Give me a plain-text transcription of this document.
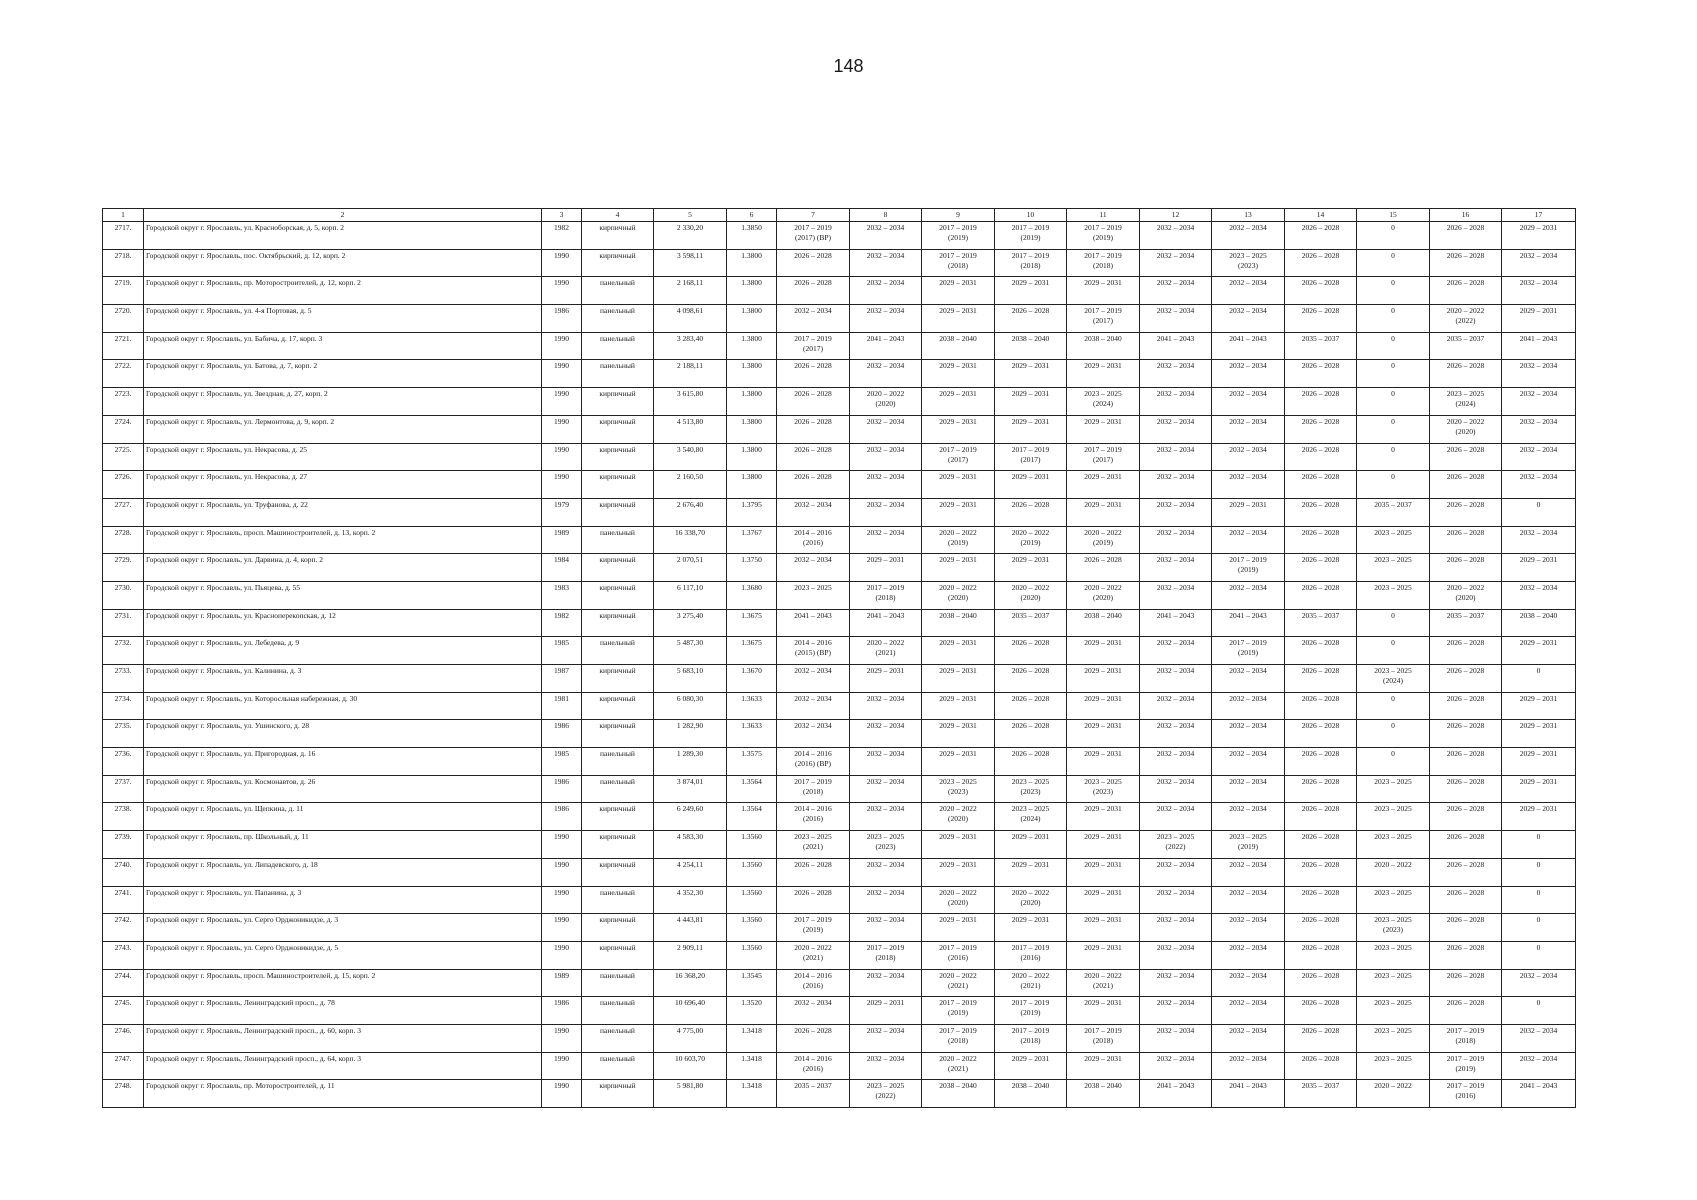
148
1	2	3	4	5	6	7	8	9	10	11	12	13	14	15	16	17
2717.	Городской округ г. Ярославль, ул. Красноборская, д. 5, корп. 2	1982	кирпичный	2 330,20	1.3850	2017 – 2019
(2017) (ВР)	2032 – 2034	2017 – 2019
(2019)	2017 – 2019
(2019)	2017 – 2019
(2019)	2032 – 2034	2032 – 2034	2026 – 2028	0	2026 – 2028	2029 – 2031
2718.	Городской округ г. Ярославль, пос. Октябрьский, д. 12, корп. 2	1990	кирпичный	3 598,11	1.3800	2026 – 2028	2032 – 2034	2017 – 2019
(2018)	2017 – 2019
(2018)	2017 – 2019
(2018)	2032 – 2034	2023 – 2025
(2023)	2026 – 2028	0	2026 – 2028	2032 – 2034
2719.	Городской округ г. Ярославль, пр. Моторостроителей, д. 12, корп. 2	1990	панельный	2 168,11	1.3800	2026 – 2028	2032 – 2034	2029 – 2031	2029 – 2031	2029 – 2031	2032 – 2034	2032 – 2034	2026 – 2028	0	2026 – 2028	2032 – 2034
2720.	Городской округ г. Ярославль, ул. 4-я Портовая, д. 5	1986	панельный	4 098,61	1.3800	2032 – 2034	2032 – 2034	2029 – 2031	2026 – 2028	2017 – 2019
(2017)	2032 – 2034	2032 – 2034	2026 – 2028	0	2020 – 2022
(2022)	2029 – 2031
2721.	Городской округ г. Ярославль, ул. Бабича, д. 17, корп. 3	1990	панельный	3 283,40	1.3800	2017 – 2019
(2017)	2041 – 2043	2038 – 2040	2038 – 2040	2038 – 2040	2041 – 2043	2041 – 2043	2035 – 2037	0	2035 – 2037	2041 – 2043
2722.	Городской округ г. Ярославль, ул. Батова, д. 7, корп. 2	1990	панельный	2 188,11	1.3800	2026 – 2028	2032 – 2034	2029 – 2031	2029 – 2031	2029 – 2031	2032 – 2034	2032 – 2034	2026 – 2028	0	2026 – 2028	2032 – 2034
2723.	Городской округ г. Ярославль, ул. Звездная, д. 27, корп. 2	1990	кирпичный	3 615,80	1.3800	2026 – 2028	2020 – 2022
(2020)	2029 – 2031	2029 – 2031	2023 – 2025
(2024)	2032 – 2034	2032 – 2034	2026 – 2028	0	2023 – 2025
(2024)	2032 – 2034
2724.	Городской округ г. Ярославль, ул. Лермонтова, д. 9, корп. 2	1990	кирпичный	4 513,80	1.3800	2026 – 2028	2032 – 2034	2029 – 2031	2029 – 2031	2029 – 2031	2032 – 2034	2032 – 2034	2026 – 2028	0	2020 – 2022
(2020)	2032 – 2034
2725.	Городской округ г. Ярославль, ул. Некрасова, д. 25	1990	кирпичный	3 540,80	1.3800	2026 – 2028	2032 – 2034	2017 – 2019
(2017)	2017 – 2019
(2017)	2017 – 2019
(2017)	2032 – 2034	2032 – 2034	2026 – 2028	0	2026 – 2028	2032 – 2034
2726.	Городской округ г. Ярославль, ул. Некрасова, д. 27	1990	кирпичный	2 160,50	1.3800	2026 – 2028	2032 – 2034	2029 – 2031	2029 – 2031	2029 – 2031	2032 – 2034	2032 – 2034	2026 – 2028	0	2026 – 2028	2032 – 2034
2727.	Городской округ г. Ярославль, ул. Труфанова, д. 22	1979	кирпичный	2 676,40	1.3795	2032 – 2034	2032 – 2034	2029 – 2031	2026 – 2028	2029 – 2031	2032 – 2034	2029 – 2031	2026 – 2028	2035 – 2037	2026 – 2028	0
2728.	Городской округ г. Ярославль, просп. Машиностроителей, д. 13, корп. 2	1989	панельный	16 338,70	1.3767	2014 – 2016
(2016)	2032 – 2034	2020 – 2022
(2019)	2020 – 2022
(2019)	2020 – 2022
(2019)	2032 – 2034	2032 – 2034	2026 – 2028	2023 – 2025	2026 – 2028	2032 – 2034
2729.	Городской округ г. Ярославль, ул. Дарвина, д. 4, корп. 2	1984	кирпичный	2 070,51	1.3750	2032 – 2034	2029 – 2031	2029 – 2031	2029 – 2031	2026 – 2028	2032 – 2034	2017 – 2019
(2019)	2026 – 2028	2023 – 2025	2026 – 2028	2029 – 2031
2730.	Городской округ г. Ярославль, ул. Пьяцева, д. 55	1983	кирпичный	6 117,10	1.3680	2023 – 2025	2017 – 2019
(2018)	2020 – 2022
(2020)	2020 – 2022
(2020)	2020 – 2022
(2020)	2032 – 2034	2032 – 2034	2026 – 2028	2023 – 2025	2020 – 2022
(2020)	2032 – 2034
2731.	Городской округ г. Ярославль, ул. Красноперекопская, д. 12	1982	кирпичный	3 275,40	1.3675	2041 – 2043	2041 – 2043	2038 – 2040	2035 – 2037	2038 – 2040	2041 – 2043	2041 – 2043	2035 – 2037	0	2035 – 2037	2038 – 2040
2732.	Городской округ г. Ярославль, ул. Лебедева, д. 9	1985	панельный	5 487,30	1.3675	2014 – 2016
(2015) (ВР)	2020 – 2022
(2021)	2029 – 2031	2026 – 2028	2029 – 2031	2032 – 2034	2017 – 2019
(2019)	2026 – 2028	0	2026 – 2028	2029 – 2031
2733.	Городской округ г. Ярославль, ул. Калинина, д. 3	1987	кирпичный	5 683,10	1.3670	2032 – 2034	2029 – 2031	2029 – 2031	2026 – 2028	2029 – 2031	2032 – 2034	2032 – 2034	2026 – 2028	2023 – 2025
(2024)	2026 – 2028	0
2734.	Городской округ г. Ярославль, ул. Которосльная набережная, д. 30	1981	кирпичный	6 080,30	1.3633	2032 – 2034	2032 – 2034	2029 – 2031	2026 – 2028	2029 – 2031	2032 – 2034	2032 – 2034	2026 – 2028	0	2026 – 2028	2029 – 2031
2735.	Городской округ г. Ярославль, ул. Ушинского, д. 28	1986	кирпичный	1 282,90	1.3633	2032 – 2034	2032 – 2034	2029 – 2031	2026 – 2028	2029 – 2031	2032 – 2034	2032 – 2034	2026 – 2028	0	2026 – 2028	2029 – 2031
2736.	Городской округ г. Ярославль, ул. Пригородная, д. 16	1985	панельный	1 289,30	1.3575	2014 – 2016
(2016) (ВР)	2032 – 2034	2029 – 2031	2026 – 2028	2029 – 2031	2032 – 2034	2032 – 2034	2026 – 2028	0	2026 – 2028	2029 – 2031
2737.	Городской округ г. Ярославль, ул. Космонавтов, д. 26	1986	панельный	3 874,01	1.3564	2017 – 2019
(2018)	2032 – 2034	2023 – 2025
(2023)	2023 – 2025
(2023)	2023 – 2025
(2023)	2032 – 2034	2032 – 2034	2026 – 2028	2023 – 2025	2026 – 2028	2029 – 2031
2738.	Городской округ г. Ярославль, ул. Щепкина, д. 11	1986	кирпичный	6 249,60	1.3564	2014 – 2016
(2016)	2032 – 2034	2020 – 2022
(2020)	2023 – 2025
(2024)	2029 – 2031	2032 – 2034	2032 – 2034	2026 – 2028	2023 – 2025	2026 – 2028	2029 – 2031
2739.	Городской округ г. Ярославль, пр. Школьный, д. 11	1990	кирпичный	4 583,30	1.3560	2023 – 2025
(2021)	2023 – 2025
(2023)	2029 – 2031	2029 – 2031	2029 – 2031	2023 – 2025
(2022)	2023 – 2025
(2019)	2026 – 2028	2023 – 2025	2026 – 2028	0
2740.	Городской округ г. Ярославль, ул. Липадевского, д. 18	1990	кирпичный	4 254,11	1.3560	2026 – 2028	2032 – 2034	2029 – 2031	2029 – 2031	2029 – 2031	2032 – 2034	2032 – 2034	2026 – 2028	2020 – 2022	2026 – 2028	0
2741.	Городской округ г. Ярославль, ул. Папанина, д. 3	1990	панельный	4 352,30	1.3560	2026 – 2028	2032 – 2034	2020 – 2022
(2020)	2020 – 2022
(2020)	2029 – 2031	2032 – 2034	2032 – 2034	2026 – 2028	2023 – 2025	2026 – 2028	0
2742.	Городской округ г. Ярославль, ул. Серго Орджоникидзе, д. 3	1990	кирпичный	4 443,81	1.3560	2017 – 2019
(2019)	2032 – 2034	2029 – 2031	2029 – 2031	2029 – 2031	2032 – 2034	2032 – 2034	2026 – 2028	2023 – 2025
(2023)	2026 – 2028	0
2743.	Городской округ г. Ярославль, ул. Серго Орджоникидзе, д. 5	1990	кирпичный	2 909,11	1.3560	2020 – 2022
(2021)	2017 – 2019
(2018)	2017 – 2019
(2016)	2017 – 2019
(2016)	2029 – 2031	2032 – 2034	2032 – 2034	2026 – 2028	2023 – 2025	2026 – 2028	0
2744.	Городской округ г. Ярославль, просп. Машиностроителей, д. 15, корп. 2	1989	панельный	16 368,20	1.3545	2014 – 2016
(2016)	2032 – 2034	2020 – 2022
(2021)	2020 – 2022
(2021)	2020 – 2022
(2021)	2032 – 2034	2032 – 2034	2026 – 2028	2023 – 2025	2026 – 2028	2032 – 2034
2745.	Городской округ г. Ярославль, Ленинградский просп., д. 78	1986	панельный	10 696,40	1.3520	2032 – 2034	2029 – 2031	2017 – 2019
(2019)	2017 – 2019
(2019)	2029 – 2031	2032 – 2034	2032 – 2034	2026 – 2028	2023 – 2025	2026 – 2028	0
2746.	Городской округ г. Ярославль, Ленинградский просп., д. 60, корп. 3	1990	панельный	4 775,00	1.3418	2026 – 2028	2032 – 2034	2017 – 2019
(2018)	2017 – 2019
(2018)	2017 – 2019
(2018)	2032 – 2034	2032 – 2034	2026 – 2028	2023 – 2025	2017 – 2019
(2018)	2032 – 2034
2747.	Городской округ г. Ярославль, Ленинградский просп., д. 64, корп. 3	1990	панельный	10 603,70	1.3418	2014 – 2016
(2016)	2032 – 2034	2020 – 2022
(2021)	2029 – 2031	2029 – 2031	2032 – 2034	2032 – 2034	2026 – 2028	2023 – 2025	2017 – 2019
(2019)	2032 – 2034
2748.	Городской округ г. Ярославль, пр. Моторостроителей, д. 11	1990	кирпичный	5 981,80	1.3418	2035 – 2037	2023 – 2025
(2022)	2038 – 2040	2038 – 2040	2038 – 2040	2041 – 2043	2041 – 2043	2035 – 2037	2020 – 2022	2017 – 2019
(2016)	2041 – 2043
